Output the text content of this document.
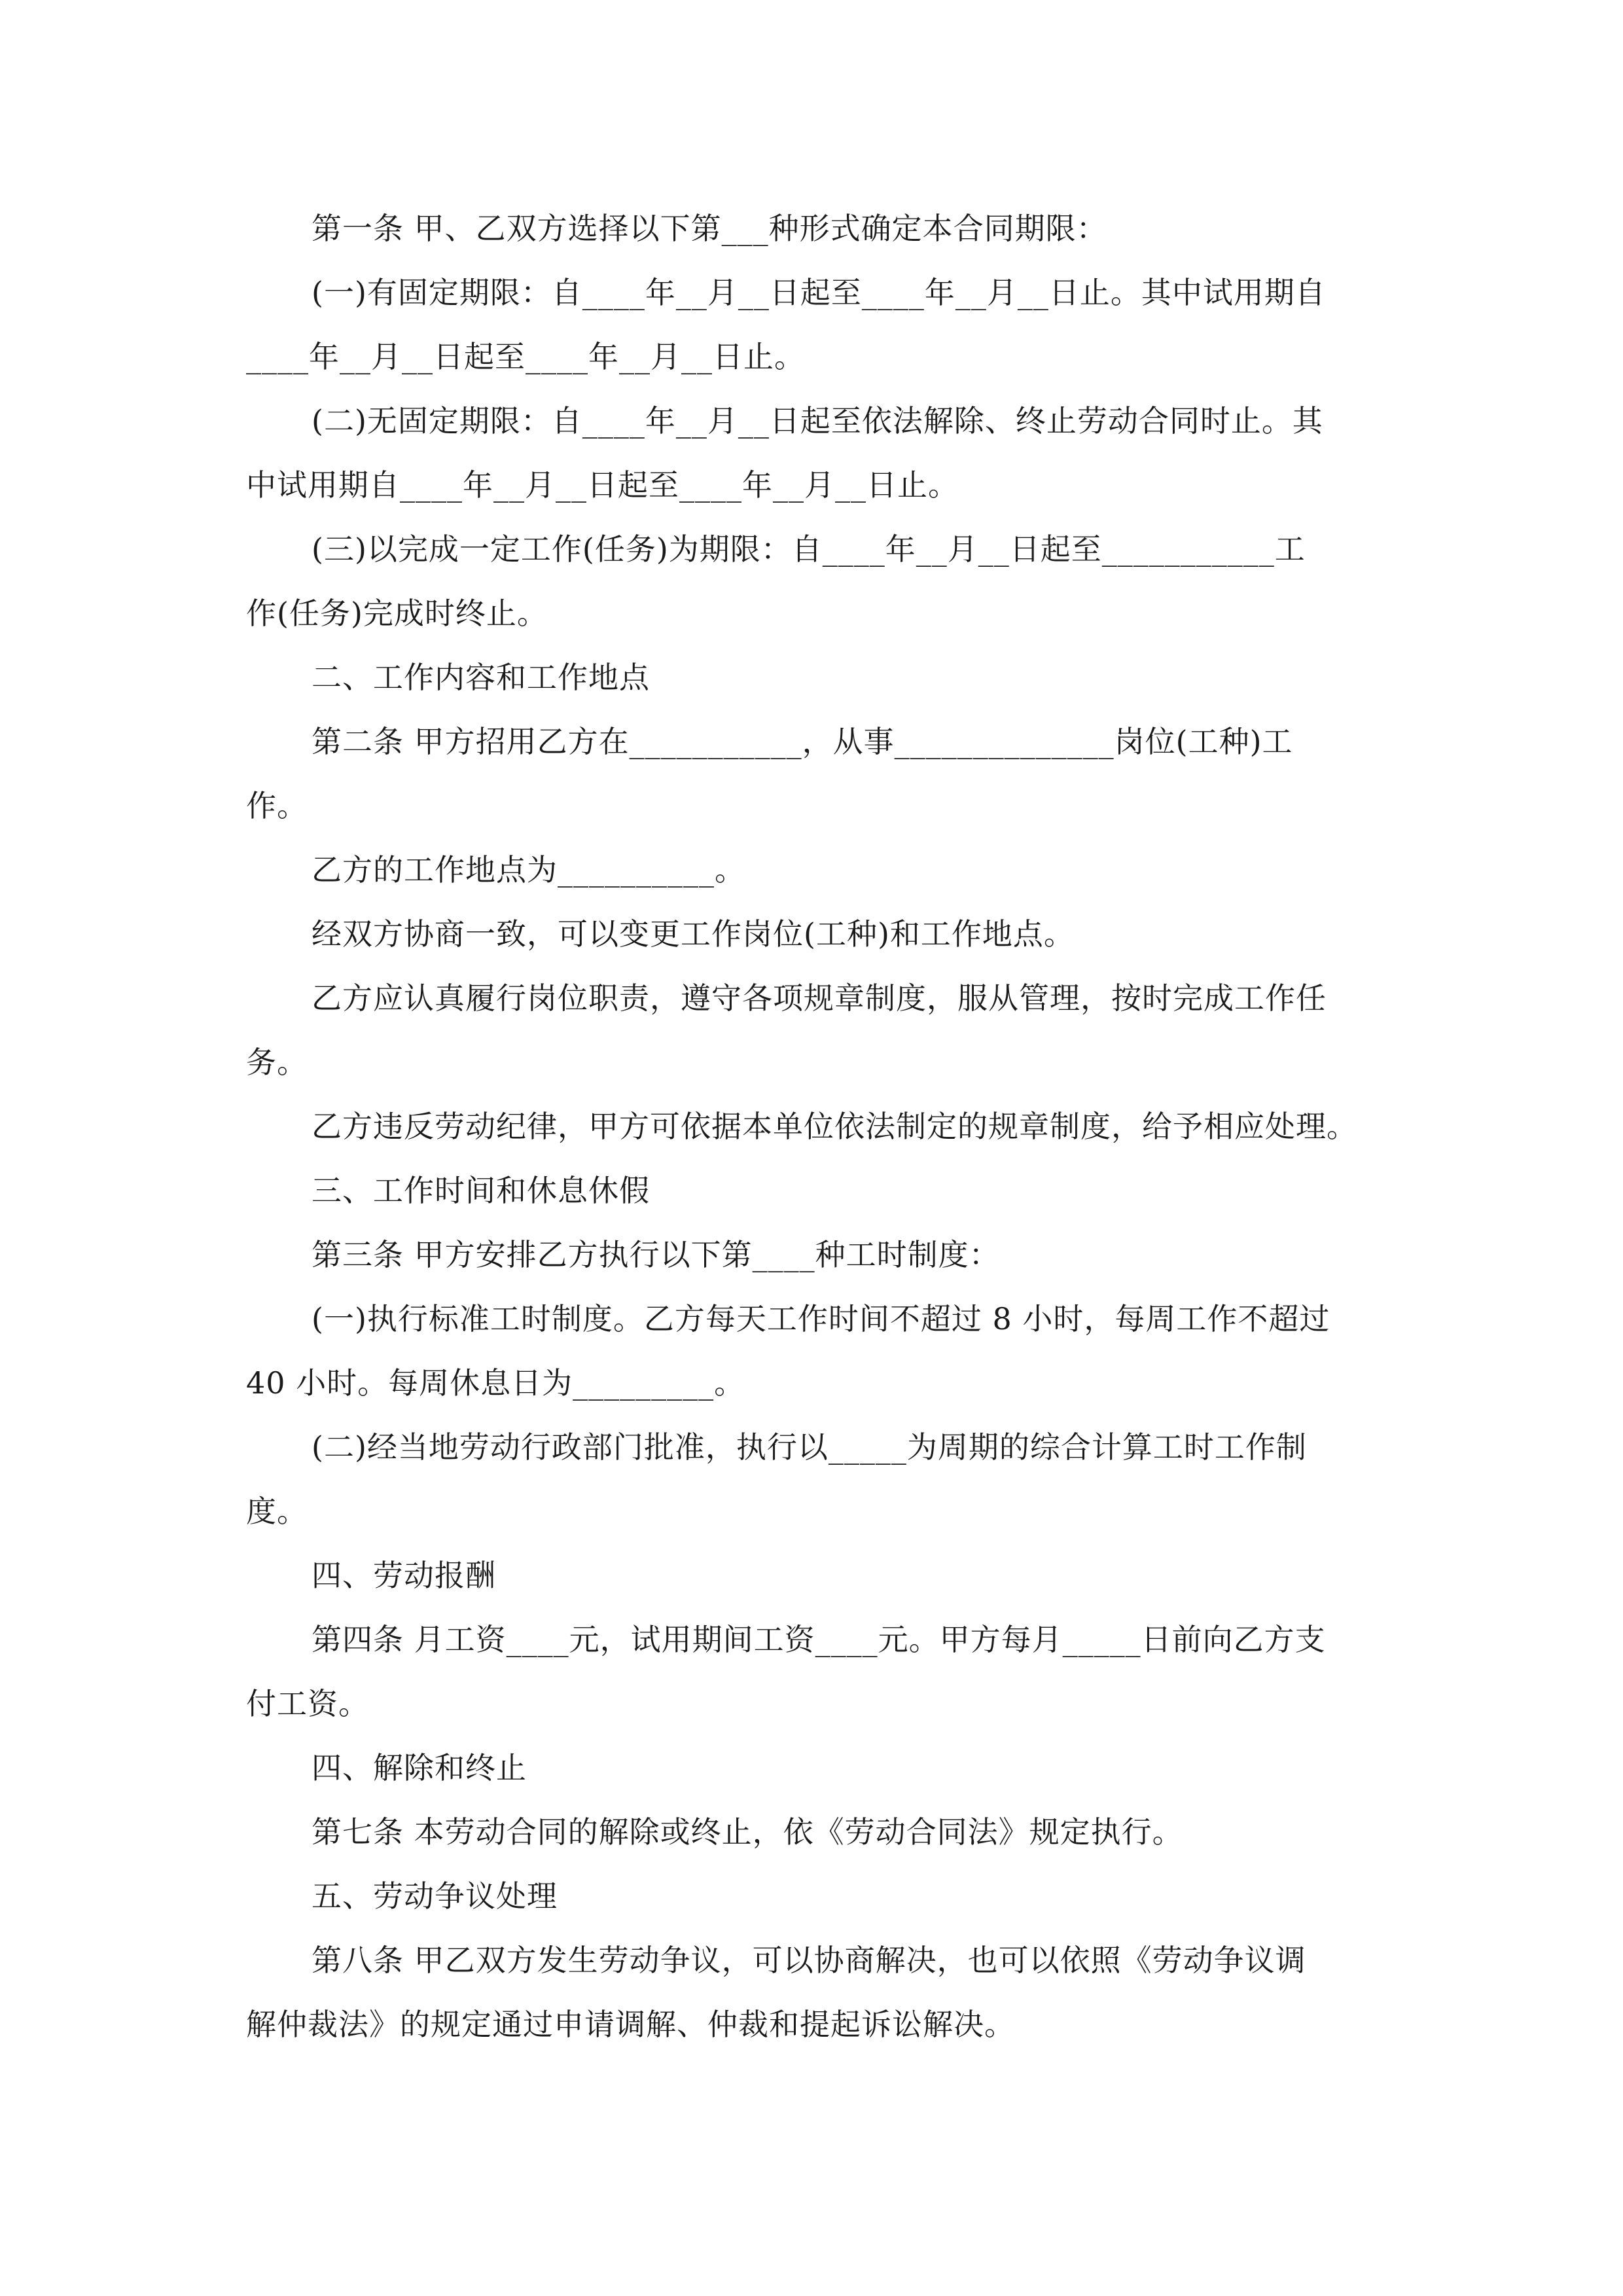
第一条 甲、乙双方选择以下第___种形式确定本合同期限：

(一)有固定期限：自____年__月__日起至____年__月__日止。其中试用期自
____年__月__日起至____年__月__日止。

(二)无固定期限：自____年__月__日起至依法解除、终止劳动合同时止。其
中试用期自____年__月__日起至____年__月__日止。

(三)以完成一定工作(任务)为期限：自____年__月__日起至___________工
作(任务)完成时终止。

二、工作内容和工作地点

第二条 甲方招用乙方在___________，从事______________岗位(工种)工
作。

乙方的工作地点为__________。

经双方协商一致，可以变更工作岗位(工种)和工作地点。

乙方应认真履行岗位职责，遵守各项规章制度，服从管理，按时完成工作任
务。

乙方违反劳动纪律，甲方可依据本单位依法制定的规章制度，给予相应处理。

三、工作时间和休息休假

第三条 甲方安排乙方执行以下第____种工时制度：

(一)执行标准工时制度。乙方每天工作时间不超过 8 小时，每周工作不超过
40 小时。每周休息日为_________。

(二)经当地劳动行政部门批准，执行以_____为周期的综合计算工时工作制
度。

四、劳动报酬

第四条 月工资____元，试用期间工资____元。甲方每月_____日前向乙方支
付工资。

四、解除和终止

第七条 本劳动合同的解除或终止，依《劳动合同法》规定执行。

五、劳动争议处理

第八条 甲乙双方发生劳动争议，可以协商解决，也可以依照《劳动争议调
解仲裁法》的规定通过申请调解、仲裁和提起诉讼解决。
